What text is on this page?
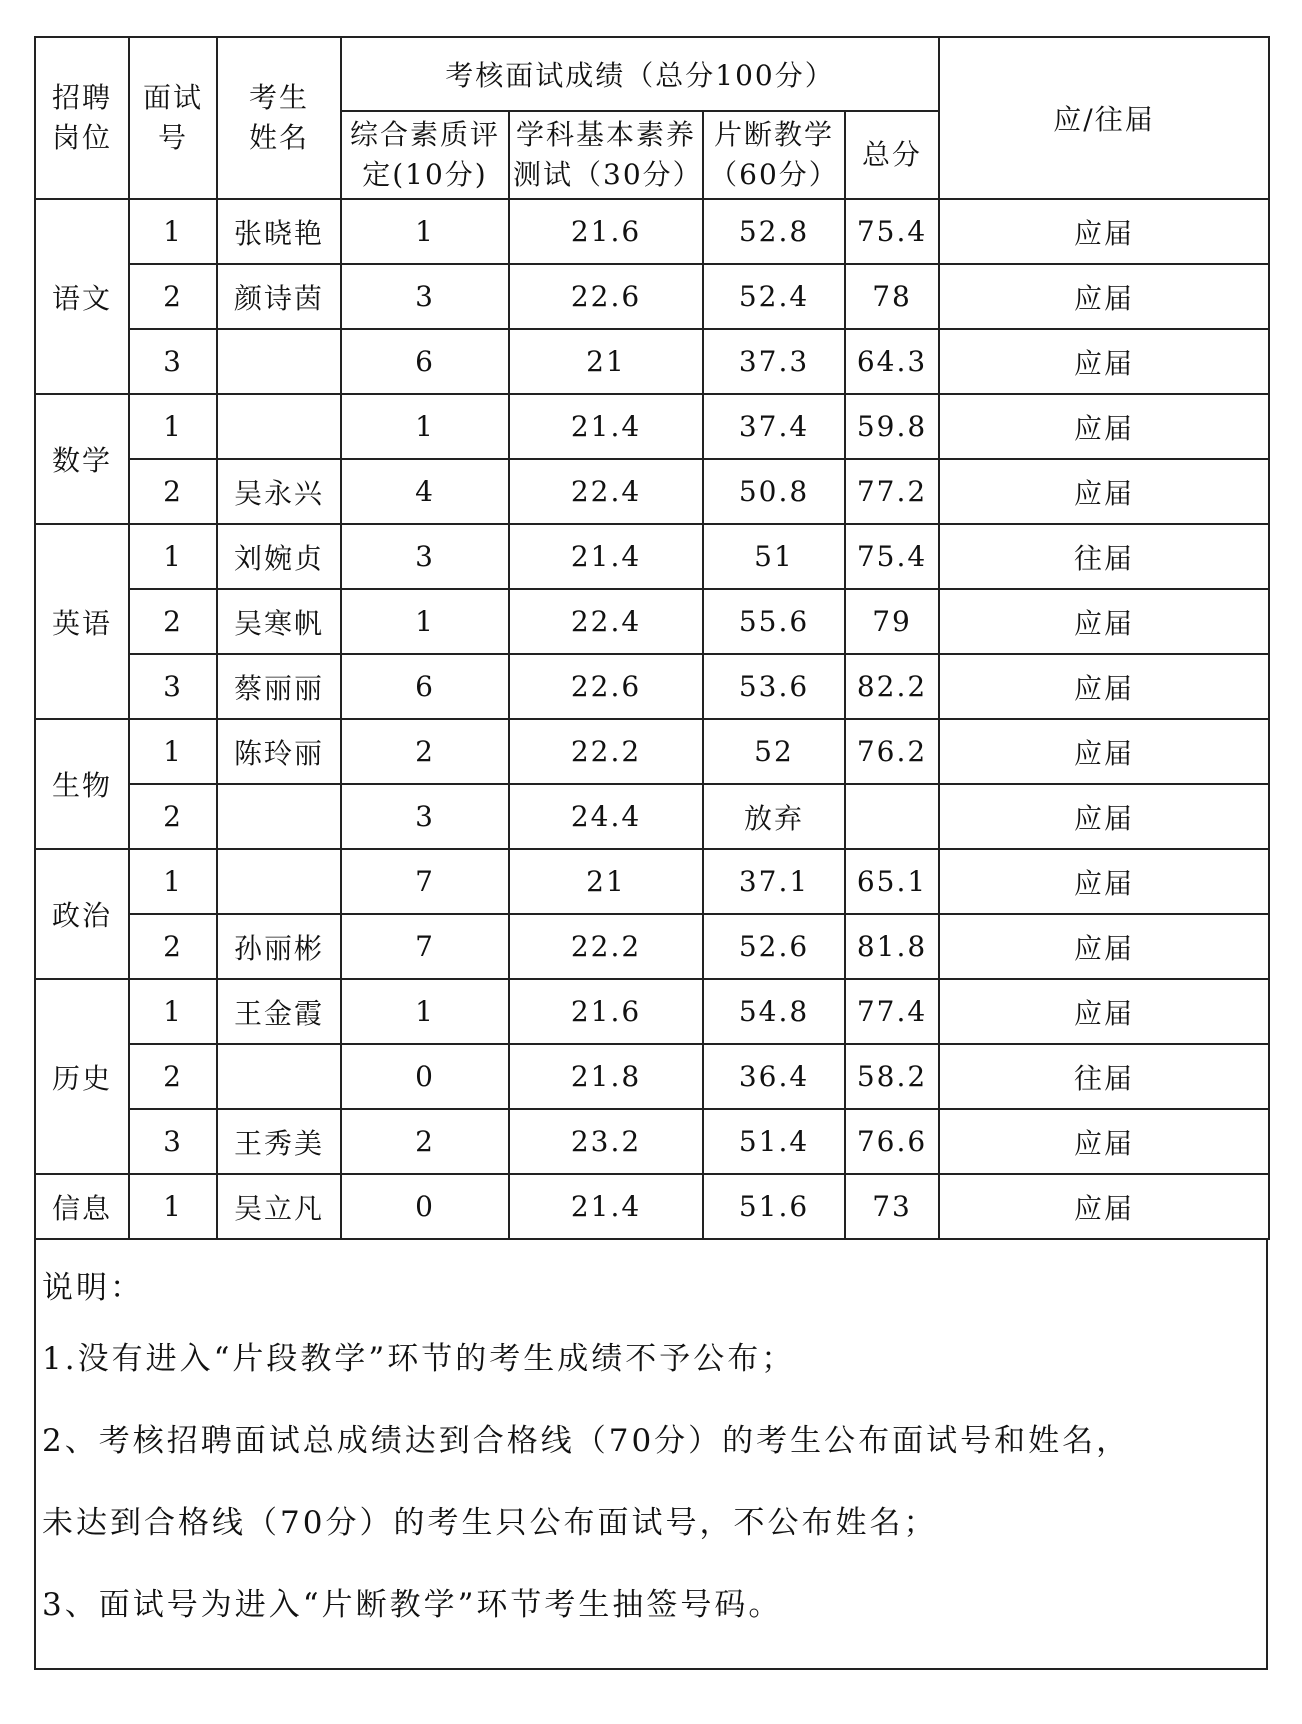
招聘岗位	面试号	考生姓名	考核面试成绩（总分100分）				应/往届
			综合素质评定(10分)	学科基本素养测试（30分）	片断教学（60分）	总分	
语文	1	张晓艳	1	21.6	52.8	75.4	应届
	2	颜诗茵	3	22.6	52.4	78	应届
	3		6	21	37.3	64.3	应届
数学	1		1	21.4	37.4	59.8	应届
	2	吴永兴	4	22.4	50.8	77.2	应届
英语	1	刘婉贞	3	21.4	51	75.4	往届
	2	吴寒帆	1	22.4	55.6	79	应届
	3	蔡丽丽	6	22.6	53.6	82.2	应届
生物	1	陈玲丽	2	22.2	52	76.2	应届
	2		3	24.4	放弃		应届
政治	1		7	21	37.1	65.1	应届
	2	孙丽彬	7	22.2	52.6	81.8	应届
历史	1	王金霞	1	21.6	54.8	77.4	应届
	2		0	21.8	36.4	58.2	往届
	3	王秀美	2	23.2	51.4	76.6	应届
信息	1	吴立凡	0	21.4	51.6	73	应届

说明：

1.没有进入“片段教学”环节的考生成绩不予公布；

2、考核招聘面试总成绩达到合格线（70分）的考生公布面试号和姓名，

未达到合格线（70分）的考生只公布面试号，不公布姓名；

3、面试号为进入“片断教学”环节考生抽签号码。
